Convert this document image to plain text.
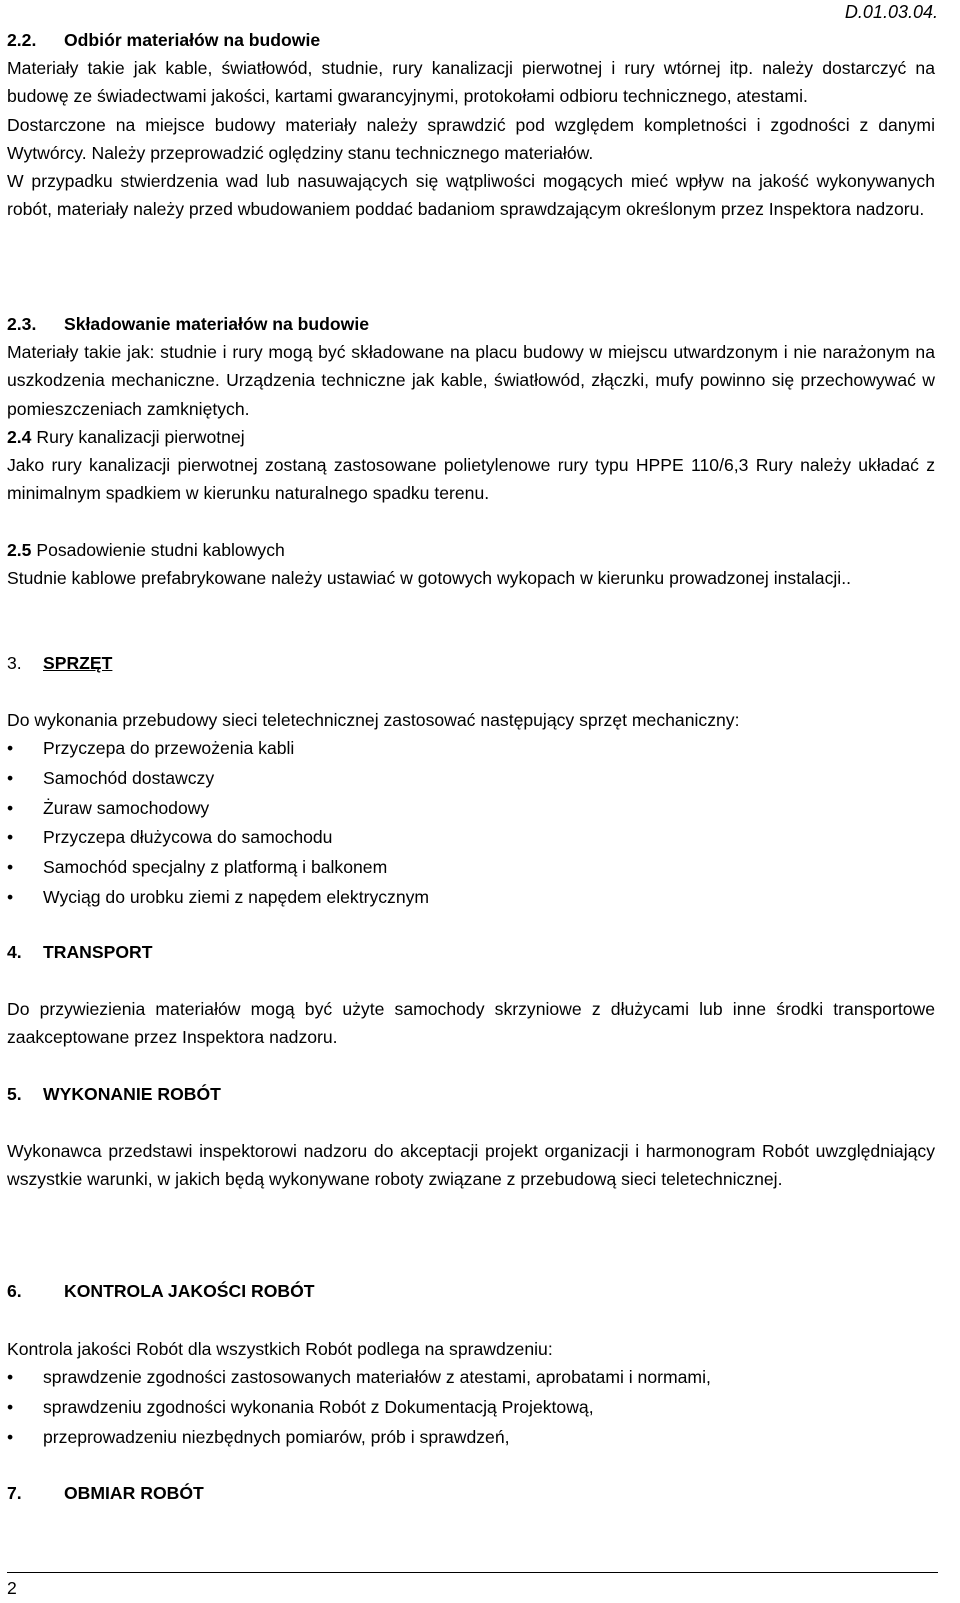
D.01.03.04.

2.2. Odbiór materiałów na budowie

Materiały takie jak kable, światłowód, studnie, rury kanalizacji pierwotnej i rury wtórnej itp. należy dostarczyć na budowę ze świadectwami jakości, kartami gwarancyjnymi, protokołami odbioru technicznego, atestami.

Dostarczone na miejsce budowy materiały należy sprawdzić pod względem kompletności i zgodności z danymi Wytwórcy. Należy przeprowadzić oględziny stanu technicznego materiałów.

W przypadku stwierdzenia wad lub nasuwających się wątpliwości mogących mieć wpływ na jakość wykonywanych robót, materiały należy przed wbudowaniem poddać badaniom sprawdzającym określonym przez Inspektora nadzoru.

2.3. Składowanie materiałów na budowie

Materiały takie jak: studnie i rury mogą być składowane na placu budowy w miejscu utwardzonym i nie narażonym na uszkodzenia mechaniczne. Urządzenia techniczne jak kable, światłowód, złączki, mufy powinno się przechowywać w pomieszczeniach zamkniętych.

2.4 Rury kanalizacji pierwotnej

Jako rury kanalizacji pierwotnej zostaną zastosowane polietylenowe rury typu HPPE 110/6,3 Rury należy układać z minimalnym spadkiem w kierunku naturalnego spadku terenu.

2.5 Posadowienie studni kablowych

Studnie kablowe prefabrykowane należy ustawiać w gotowych wykopach w kierunku prowadzonej instalacji..

3. SPRZĘT

Do wykonania przebudowy sieci teletechnicznej zastosować następujący sprzęt mechaniczny:

• Przyczepa do przewożenia kabli
• Samochód dostawczy
• Żuraw samochodowy
• Przyczepa dłużycowa do samochodu
• Samochód specjalny z platformą i balkonem
• Wyciąg do urobku ziemi z napędem elektrycznym

4. TRANSPORT

Do przywiezienia materiałów mogą być użyte samochody skrzyniowe z dłużycami lub inne środki transportowe zaakceptowane przez Inspektora nadzoru.

5. WYKONANIE ROBÓT

Wykonawca przedstawi inspektorowi nadzoru do akceptacji projekt organizacji i harmonogram Robót uwzględniający wszystkie warunki, w jakich będą wykonywane roboty związane z przebudową sieci teletechnicznej.

6. KONTROLA JAKOŚCI ROBÓT

Kontrola jakości Robót dla wszystkich Robót podlega na sprawdzeniu:

• sprawdzenie zgodności zastosowanych materiałów z atestami, aprobatami i normami,
• sprawdzeniu zgodności wykonania Robót z Dokumentacją Projektową,
• przeprowadzeniu niezbędnych pomiarów, prób i sprawdzeń,

7. OBMIAR ROBÓT

2
